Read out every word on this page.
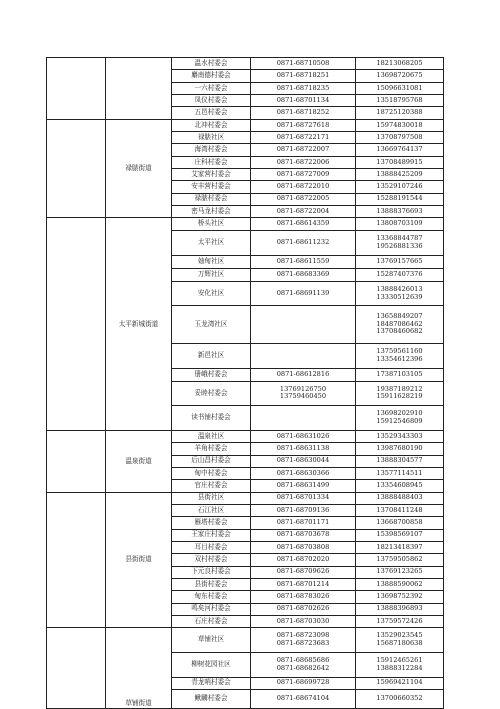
		温水村委会	0871-68710508	18213068205

		麝南德村委会	0871-68718251	13698720675

		一六村委会	0871-68718235	15096631081

		凤仪村委会	0871-68701134	13518795768

		五邑村委会	0871-68718252	18725120388

	禄脿街道	北冲村委会	0871-68727618	15974830018

		禄脿社区	0871-68722171	13708797508

		海湾村委会	0871-68722007	13669764137

		庄科村委会	0871-68722006	13708489915

		艾家营村委会	0871-68727009	13888425209

		安丰营村委会	0871-68722010	13529107246

		禄脿村委会	0871-68722005	15288191544

		密马龙村委会	0871-68722004	13888376693

	太平新城街道	桥头社区	0871-68614359	13808703109

		太平社区	0871-68611232	13368844787
19526881336

		妯甸社区	0871-68611559	13769157665

		万辉社区	0871-68683369	15287407376

		安化社区	0871-68691139	13888426013
13330512639

		玉龙湾社区		13658849207
18487086462
13708460682

		新邑社区		13759561160
13354612396

		册峨村委会	0871-68612816	17387103105

		妥睦村委会	13769126750
13759460450	19387189212
15911628219

		读书铺村委会		13698202910
15912546809

	温泉街道	温泉社区	0871-68631026	13529343303

		羊角村委会	0871-68631138	13987680190

		后山昌村委会	0871-68630044	13888304577

		甸中村委会	0871-68630366	13577114511

		官庄村委会	0871-68631499	13354608945

	县街街道	县街社区	0871-68701334	13888488403

		石江社区	0871-68709136	13708411248

		雁塔村委会	0871-68701171	13668700858

		王家庄村委会	0871-68703678	15398569107

		耳目村委会	0871-68703808	18213418397

		双村村委会	0871-68702020	13759505862

		下元良村委会	0871-68709626	13769123265

		县街村委会	0871-68701214	13888590062

		甸东村委会	0871-68783026	13698752392

		鸣矣河村委会	0871-68702626	13888396893

		石庄村委会	0871-68703030	13759572426

	草铺街道	草铺社区	0871-68723098
0871-68723683	13529023545
15687180638

		柳树花园社区	0871-68685686
0871-68682642	15912465261
13888312284

		青龙哨村委会	0871-68699728	15969421104

		鳅麟村委会	0871-68674104	13700660352
